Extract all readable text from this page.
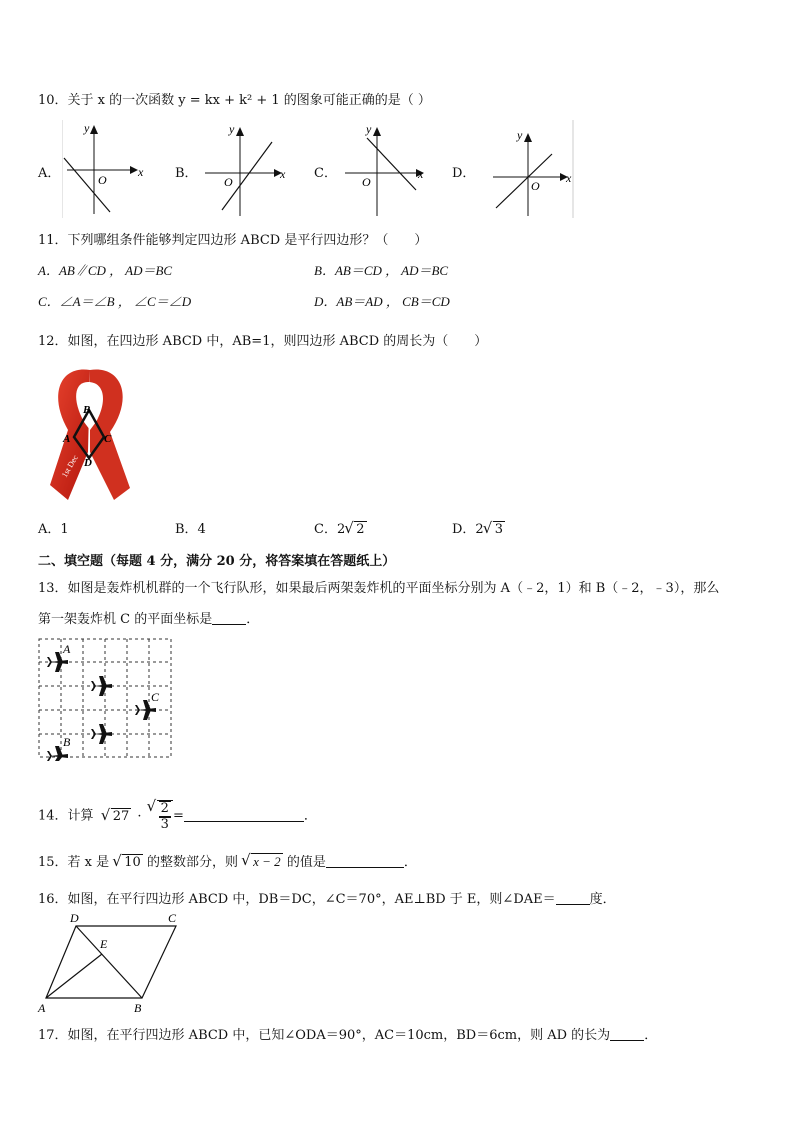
10．关于 x 的一次函数 y = kx + k² + 1 的图象可能正确的是（ ）
A．	x
y
O	B．	x
y
O
C．	x
y
O
D．	x
y
O
11．下列哪组条件能够判定四边形 ABCD 是平行四边形？（　　）
A．AB∥CD ， AD＝BC	B．AB＝CD ， AD＝BC
C．∠A＝∠B ， ∠C＝∠D	D．AB＝AD ， CB＝CD
12．如图，在四边形 ABCD 中，AB=1，则四边形 ABCD 的周长为（　　）
B
A	C
D
1st Dec
A．1	B．4	C．2 √ 2	D．2 √ 3
二、填空题（每题 4 分，满分 20 分，将答案填在答题纸上）
13．如图是轰炸机机群的一个飞行队形，如果最后两架轰炸机的平面坐标分别为 A（﹣2，1）和 B（﹣2，﹣3），那么
第一架轰炸机 C 的平面坐标是	．
A
C
B
14．计算 √ 27 · √ $\frac{2}{3}$ =	．
15．若 x 是 √ 10 的整数部分，则 √ x − 2 的值是	．
16．如图，在平行四边形 ABCD 中，DB＝DC，∠C＝70°，AE⊥BD 于 E，则∠DAE＝	度．
D	C
E
A	B
17．如图，在平行四边形 ABCD 中，已知∠ODA＝90°，AC＝10cm，BD＝6cm，则 AD 的长为	．
